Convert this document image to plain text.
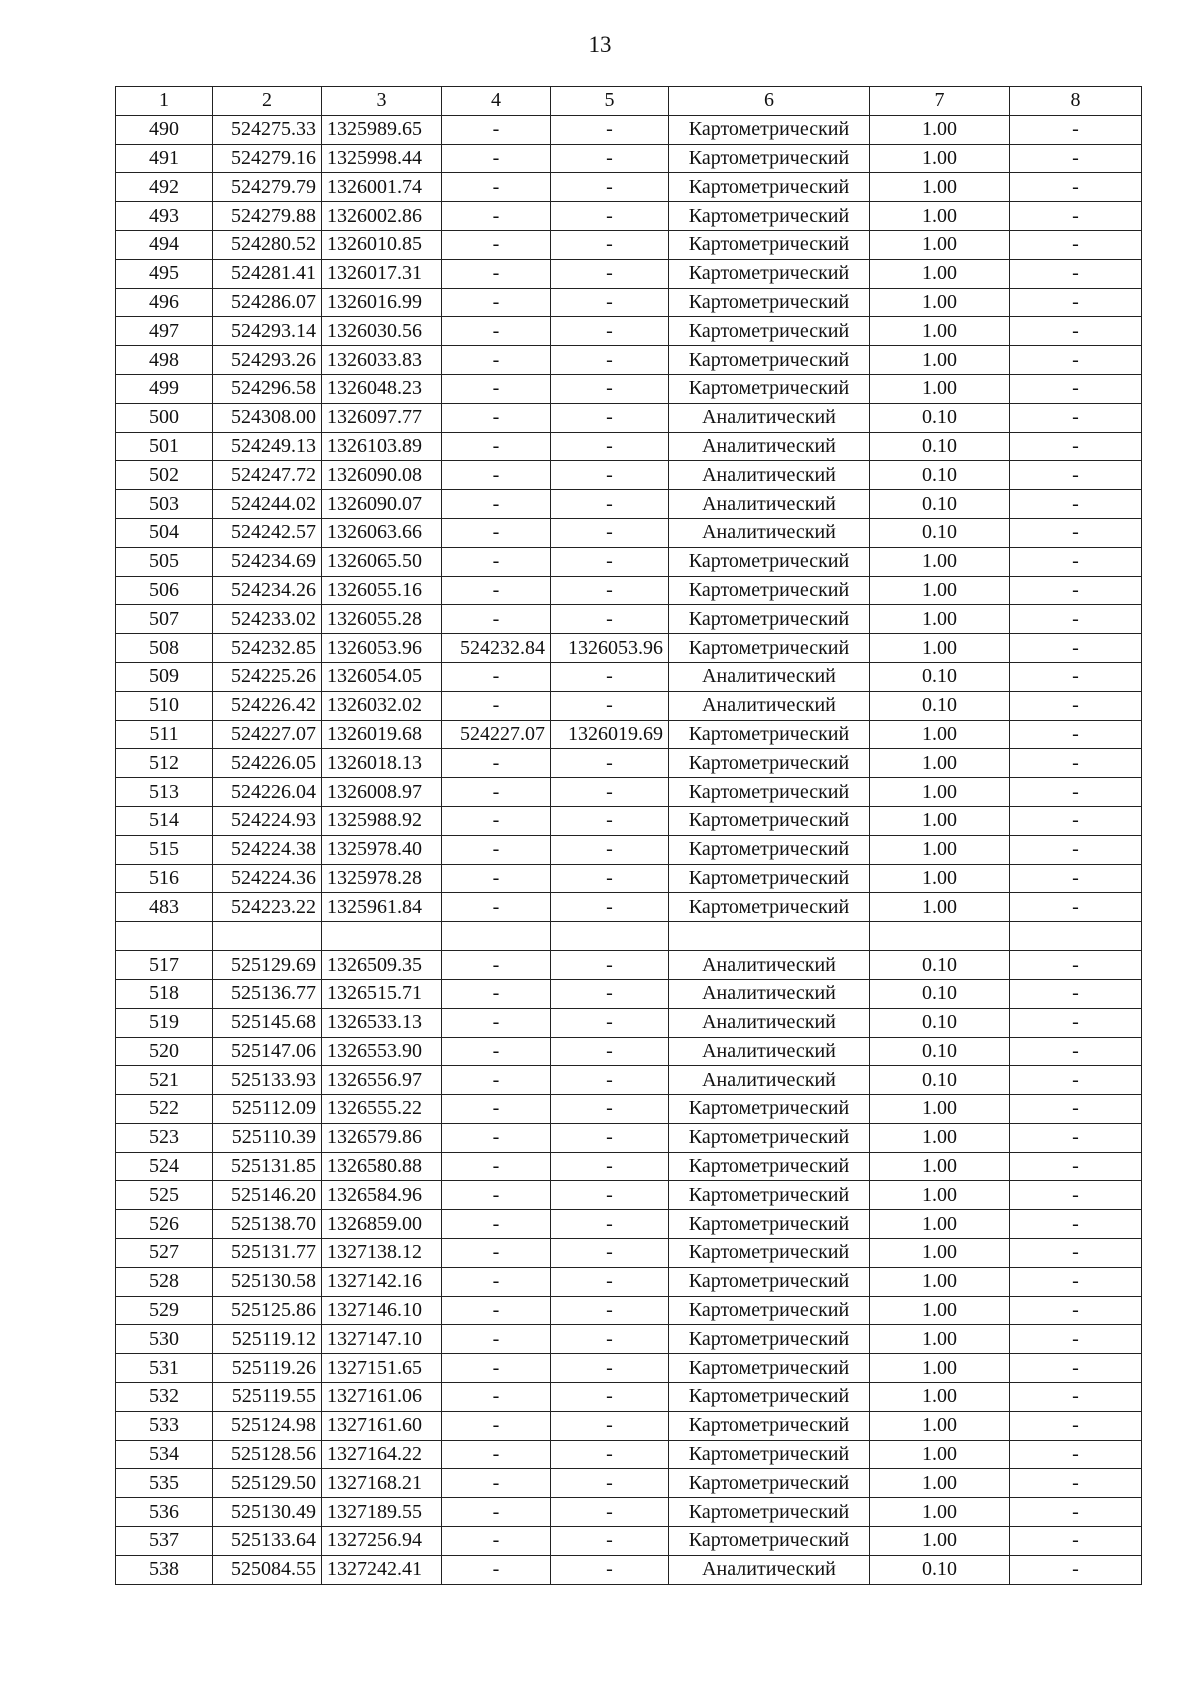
13
1	2	3	4	5	6	7	8
490	524275.33	1325989.65	-	-	Картометрический	1.00	-
491	524279.16	1325998.44	-	-	Картометрический	1.00	-
492	524279.79	1326001.74	-	-	Картометрический	1.00	-
493	524279.88	1326002.86	-	-	Картометрический	1.00	-
494	524280.52	1326010.85	-	-	Картометрический	1.00	-
495	524281.41	1326017.31	-	-	Картометрический	1.00	-
496	524286.07	1326016.99	-	-	Картометрический	1.00	-
497	524293.14	1326030.56	-	-	Картометрический	1.00	-
498	524293.26	1326033.83	-	-	Картометрический	1.00	-
499	524296.58	1326048.23	-	-	Картометрический	1.00	-
500	524308.00	1326097.77	-	-	Аналитический	0.10	-
501	524249.13	1326103.89	-	-	Аналитический	0.10	-
502	524247.72	1326090.08	-	-	Аналитический	0.10	-
503	524244.02	1326090.07	-	-	Аналитический	0.10	-
504	524242.57	1326063.66	-	-	Аналитический	0.10	-
505	524234.69	1326065.50	-	-	Картометрический	1.00	-
506	524234.26	1326055.16	-	-	Картометрический	1.00	-
507	524233.02	1326055.28	-	-	Картометрический	1.00	-
508	524232.85	1326053.96	524232.84	1326053.96	Картометрический	1.00	-
509	524225.26	1326054.05	-	-	Аналитический	0.10	-
510	524226.42	1326032.02	-	-	Аналитический	0.10	-
511	524227.07	1326019.68	524227.07	1326019.69	Картометрический	1.00	-
512	524226.05	1326018.13	-	-	Картометрический	1.00	-
513	524226.04	1326008.97	-	-	Картометрический	1.00	-
514	524224.93	1325988.92	-	-	Картометрический	1.00	-
515	524224.38	1325978.40	-	-	Картометрический	1.00	-
516	524224.36	1325978.28	-	-	Картометрический	1.00	-
483	524223.22	1325961.84	-	-	Картометрический	1.00	-

517	525129.69	1326509.35	-	-	Аналитический	0.10	-
518	525136.77	1326515.71	-	-	Аналитический	0.10	-
519	525145.68	1326533.13	-	-	Аналитический	0.10	-
520	525147.06	1326553.90	-	-	Аналитический	0.10	-
521	525133.93	1326556.97	-	-	Аналитический	0.10	-
522	525112.09	1326555.22	-	-	Картометрический	1.00	-
523	525110.39	1326579.86	-	-	Картометрический	1.00	-
524	525131.85	1326580.88	-	-	Картометрический	1.00	-
525	525146.20	1326584.96	-	-	Картометрический	1.00	-
526	525138.70	1326859.00	-	-	Картометрический	1.00	-
527	525131.77	1327138.12	-	-	Картометрический	1.00	-
528	525130.58	1327142.16	-	-	Картометрический	1.00	-
529	525125.86	1327146.10	-	-	Картометрический	1.00	-
530	525119.12	1327147.10	-	-	Картометрический	1.00	-
531	525119.26	1327151.65	-	-	Картометрический	1.00	-
532	525119.55	1327161.06	-	-	Картометрический	1.00	-
533	525124.98	1327161.60	-	-	Картометрический	1.00	-
534	525128.56	1327164.22	-	-	Картометрический	1.00	-
535	525129.50	1327168.21	-	-	Картометрический	1.00	-
536	525130.49	1327189.55	-	-	Картометрический	1.00	-
537	525133.64	1327256.94	-	-	Картометрический	1.00	-
538	525084.55	1327242.41	-	-	Аналитический	0.10	-
